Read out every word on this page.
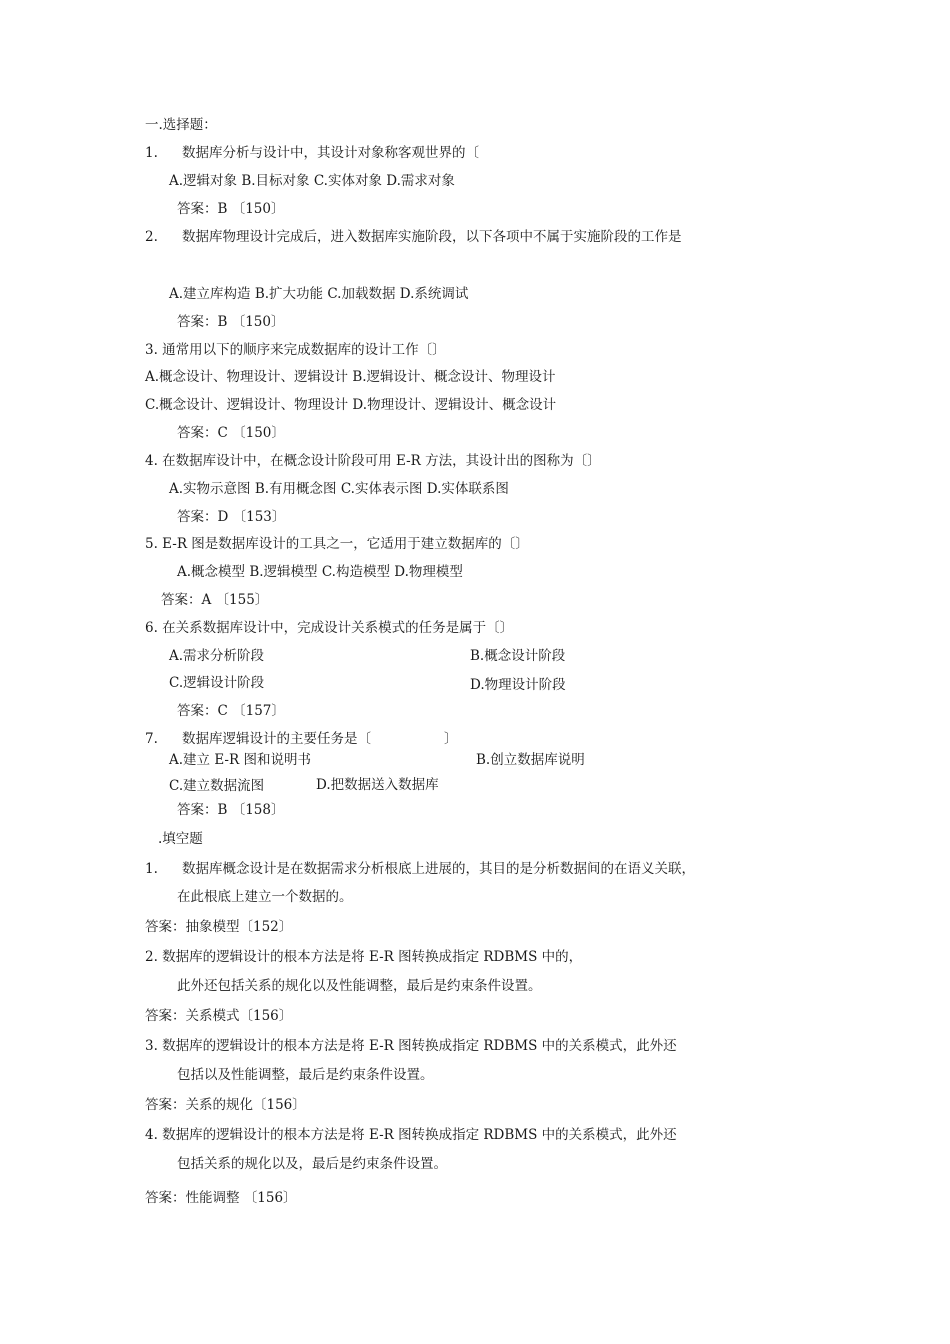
一.选择题：
1. 数据库分析与设计中，其设计对象称客观世界的〔
A.逻辑对象 B.目标对象 C.实体对象 D.需求对象
答案：B 〔150〕
2. 数据库物理设计完成后，进入数据库实施阶段，以下各项中不属于实施阶段的工作是
A.建立库构造 B.扩大功能 C.加载数据 D.系统调试
答案：B 〔150〕
3. 通常用以下的顺序来完成数据库的设计工作〔〕
A.概念设计、物理设计、逻辑设计 B.逻辑设计、概念设计、物理设计
C.概念设计、逻辑设计、物理设计 D.物理设计、逻辑设计、概念设计
答案：C 〔150〕
4. 在数据库设计中，在概念设计阶段可用 E-R 方法，其设计出的图称为〔〕
A.实物示意图 B.有用概念图 C.实体表示图 D.实体联系图
答案：D 〔153〕
5. E-R 图是数据库设计的工具之一，它适用于建立数据库的〔〕
A.概念模型 B.逻辑模型 C.构造模型 D.物理模型
答案：A 〔155〕
6. 在关系数据库设计中，完成设计关系模式的任务是属于〔〕
A.需求分析阶段	B.概念设计阶段
C.逻辑设计阶段	D.物理设计阶段
答案：C 〔157〕
7. 数据库逻辑设计的主要任务是〔	〕
A.建立 E-R 图和说明书	B.创立数据库说明
C.建立数据流图	D.把数据送入数据库
答案：B 〔158〕
.填空题
1. 数据库概念设计是在数据需求分析根底上进展的，其目的是分析数据间的在语义关联，
在此根底上建立一个数据的。
答案：抽象模型〔152〕
2. 数据库的逻辑设计的根本方法是将 E-R 图转换成指定 RDBMS 中的，
此外还包括关系的规化以及性能调整，最后是约束条件设置。
答案：关系模式〔156〕
3. 数据库的逻辑设计的根本方法是将 E-R 图转换成指定 RDBMS 中的关系模式，此外还
包括以及性能调整，最后是约束条件设置。
答案：关系的规化〔156〕
4. 数据库的逻辑设计的根本方法是将 E-R 图转换成指定 RDBMS 中的关系模式，此外还
包括关系的规化以及，最后是约束条件设置。
答案：性能调整 〔156〕
